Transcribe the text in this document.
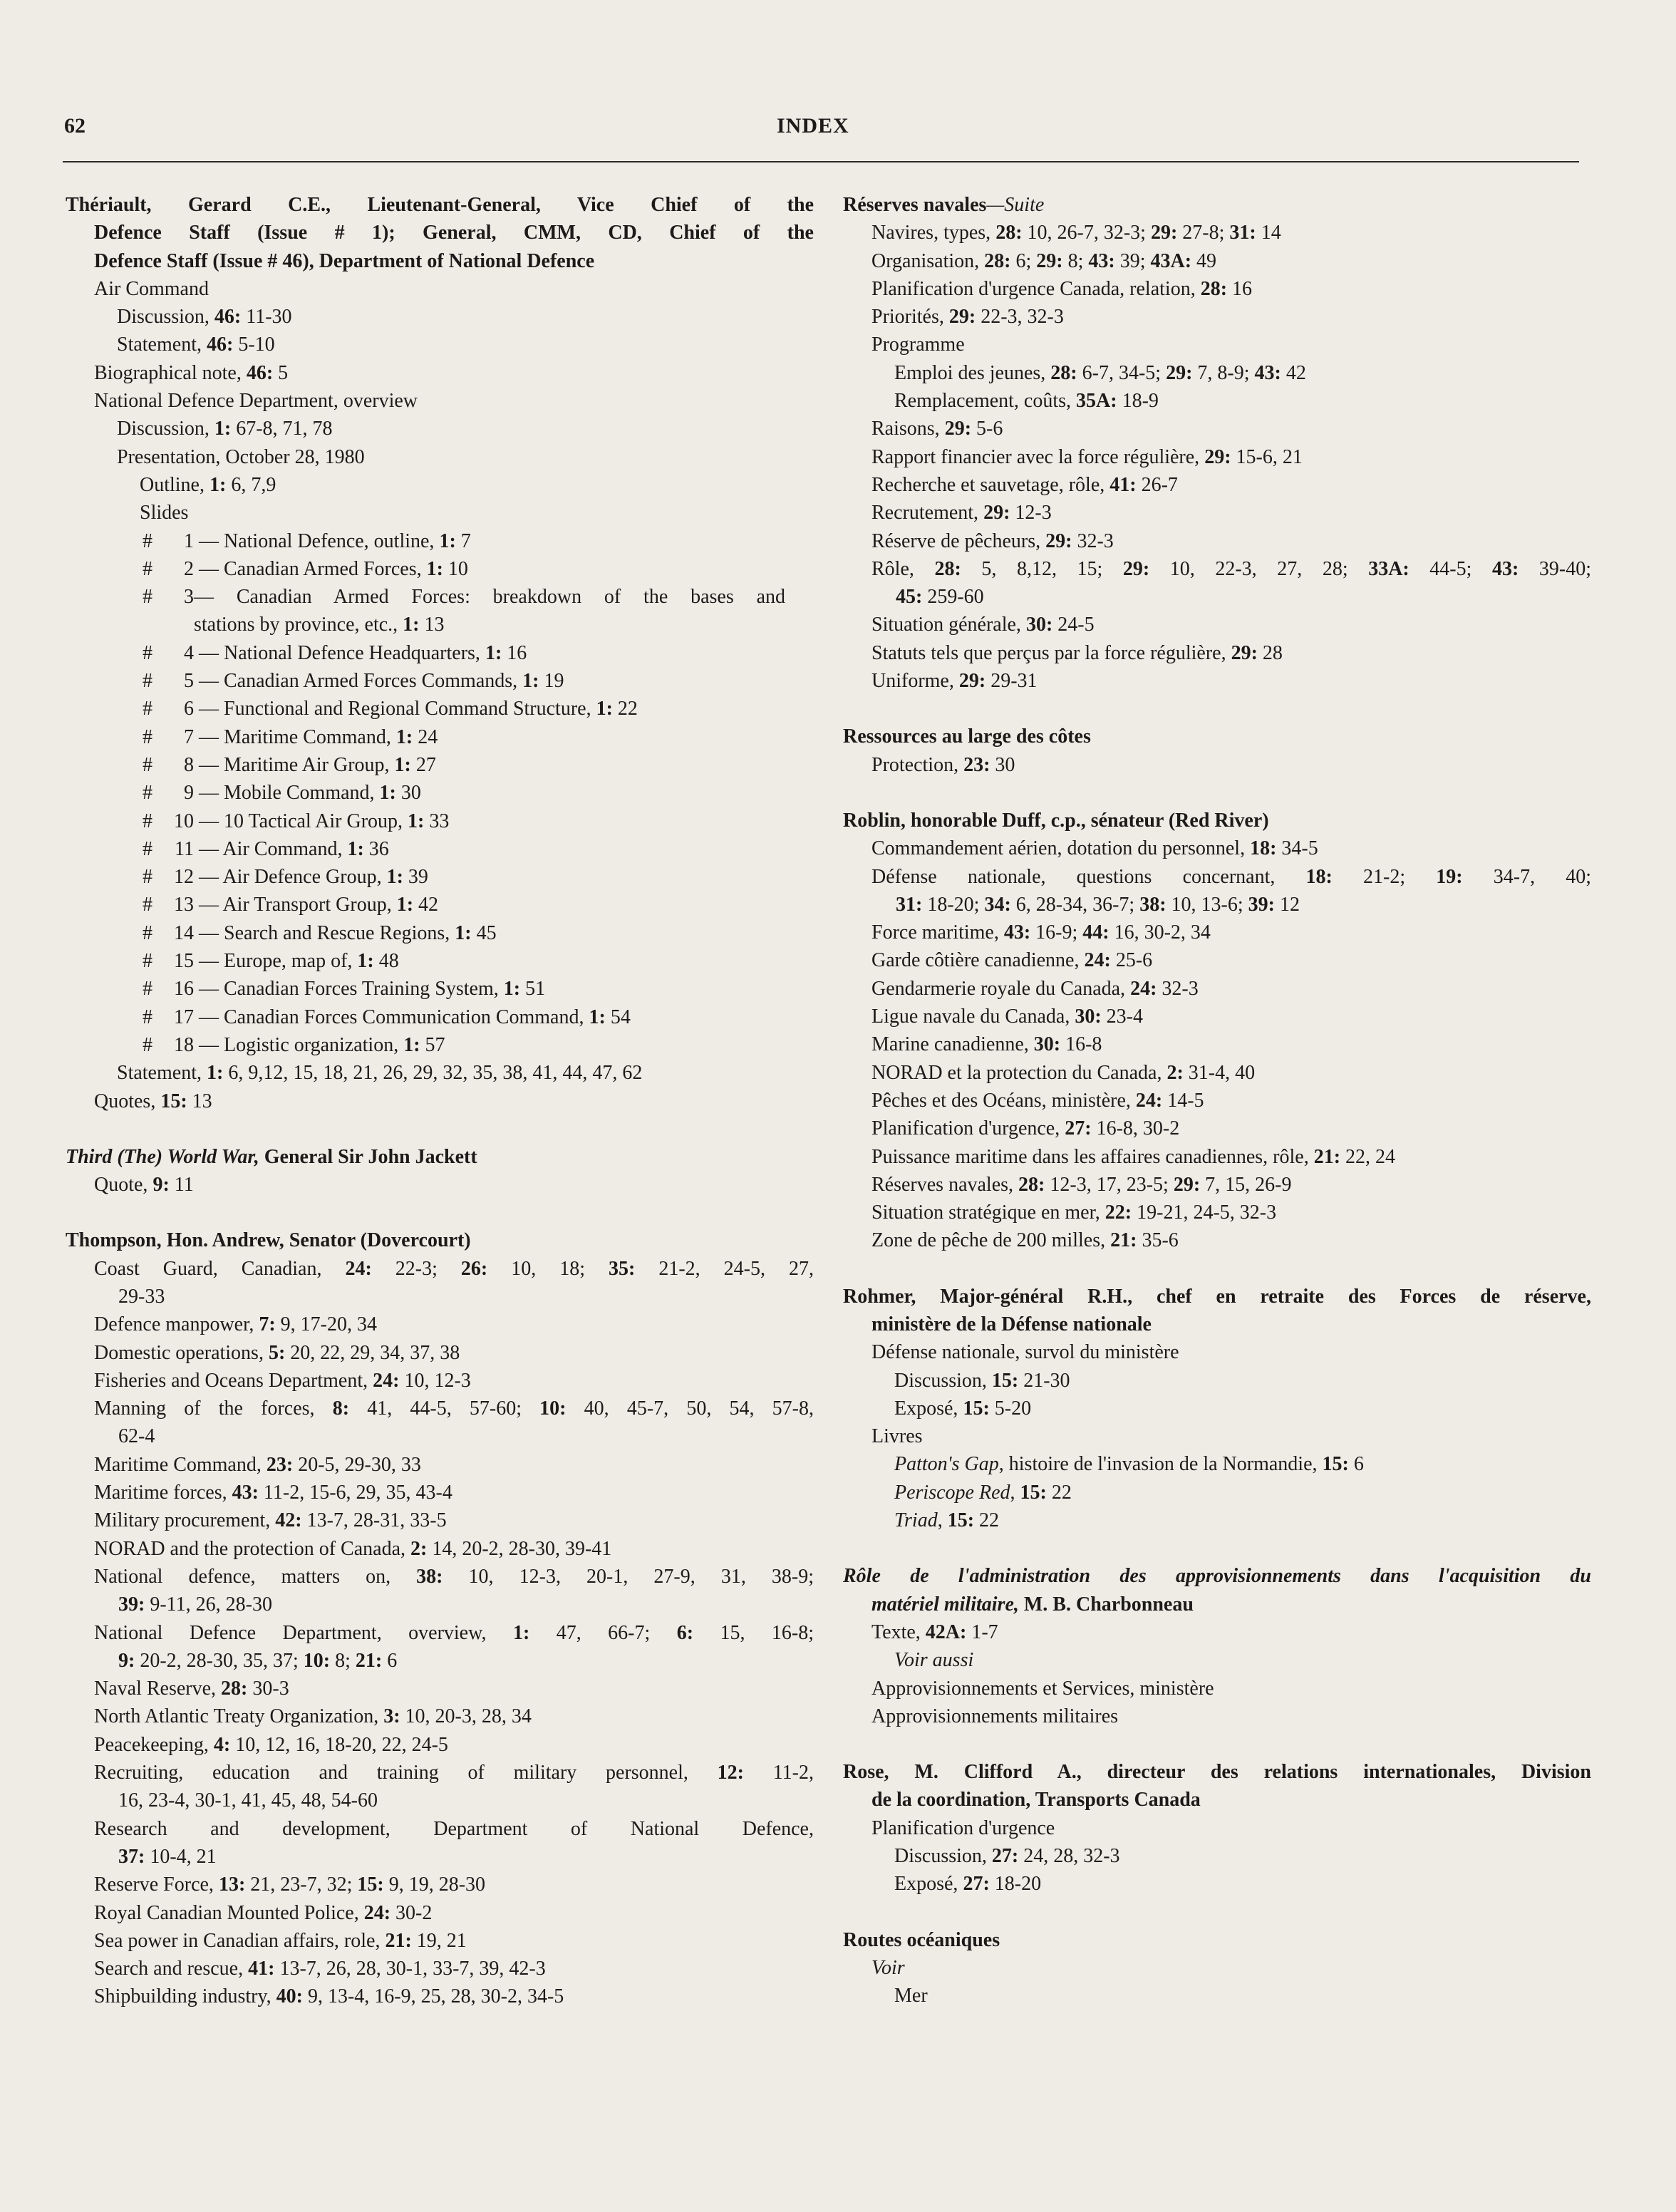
62	INDEX
Thériault, Gerard C.E., Lieutenant-General, Vice Chief of the
Defence Staff (Issue # 1); General, CMM, CD, Chief of the
Defence Staff (Issue # 46), Department of National Defence
Air Command
Discussion, 46: 11-30
Statement, 46: 5-10
Biographical note, 46: 5
National Defence Department, overview
Discussion, 1: 67-8, 71, 78
Presentation, October 28, 1980
Outline, 1: 6, 7,9
Slides
# 1 — National Defence, outline, 1: 7
# 2 — Canadian Armed Forces, 1: 10
# 3— Canadian Armed Forces: breakdown of the bases and
stations by province, etc., 1: 13
# 4 — National Defence Headquarters, 1: 16
# 5 — Canadian Armed Forces Commands, 1: 19
# 6 — Functional and Regional Command Structure, 1: 22
# 7 — Maritime Command, 1: 24
# 8 — Maritime Air Group, 1: 27
# 9 — Mobile Command, 1: 30
# 10 — 10 Tactical Air Group, 1: 33
# 11 — Air Command, 1: 36
# 12 — Air Defence Group, 1: 39
# 13 — Air Transport Group, 1: 42
# 14 — Search and Rescue Regions, 1: 45
# 15 — Europe, map of, 1: 48
# 16 — Canadian Forces Training System, 1: 51
# 17 — Canadian Forces Communication Command, 1: 54
# 18 — Logistic organization, 1: 57
Statement, 1: 6, 9,12, 15, 18, 21, 26, 29, 32, 35, 38, 41, 44, 47, 62
Quotes, 15: 13
Third (The) World War, General Sir John Jackett
Quote, 9: 11
Thompson, Hon. Andrew, Senator (Dovercourt)
Coast Guard, Canadian, 24: 22-3; 26: 10, 18; 35: 21-2, 24-5, 27,
29-33
Defence manpower, 7: 9, 17-20, 34
Domestic operations, 5: 20, 22, 29, 34, 37, 38
Fisheries and Oceans Department, 24: 10, 12-3
Manning of the forces, 8: 41, 44-5, 57-60; 10: 40, 45-7, 50, 54, 57-8,
62-4
Maritime Command, 23: 20-5, 29-30, 33
Maritime forces, 43: 11-2, 15-6, 29, 35, 43-4
Military procurement, 42: 13-7, 28-31, 33-5
NORAD and the protection of Canada, 2: 14, 20-2, 28-30, 39-41
National defence, matters on, 38: 10, 12-3, 20-1, 27-9, 31, 38-9;
39: 9-11, 26, 28-30
National Defence Department, overview, 1: 47, 66-7; 6: 15, 16-8;
9: 20-2, 28-30, 35, 37; 10: 8; 21: 6
Naval Reserve, 28: 30-3
North Atlantic Treaty Organization, 3: 10, 20-3, 28, 34
Peacekeeping, 4: 10, 12, 16, 18-20, 22, 24-5
Recruiting, education and training of military personnel, 12: 11-2,
16, 23-4, 30-1, 41, 45, 48, 54-60
Research and development, Department of National Defence,
37: 10-4, 21
Reserve Force, 13: 21, 23-7, 32; 15: 9, 19, 28-30
Royal Canadian Mounted Police, 24: 30-2
Sea power in Canadian affairs, role, 21: 19, 21
Search and rescue, 41: 13-7, 26, 28, 30-1, 33-7, 39, 42-3
Shipbuilding industry, 40: 9, 13-4, 16-9, 25, 28, 30-2, 34-5
Réserves navales—Suite
Navires, types, 28: 10, 26-7, 32-3; 29: 27-8; 31: 14
Organisation, 28: 6; 29: 8; 43: 39; 43A: 49
Planification d'urgence Canada, relation, 28: 16
Priorités, 29: 22-3, 32-3
Programme
Emploi des jeunes, 28: 6-7, 34-5; 29: 7, 8-9; 43: 42
Remplacement, coûts, 35A: 18-9
Raisons, 29: 5-6
Rapport financier avec la force régulière, 29: 15-6, 21
Recherche et sauvetage, rôle, 41: 26-7
Recrutement, 29: 12-3
Réserve de pêcheurs, 29: 32-3
Rôle, 28: 5, 8,12, 15; 29: 10, 22-3, 27, 28; 33A: 44-5; 43: 39-40;
45: 259-60
Situation générale, 30: 24-5
Statuts tels que perçus par la force régulière, 29: 28
Uniforme, 29: 29-31
Ressources au large des côtes
Protection, 23: 30
Roblin, honorable Duff, c.p., sénateur (Red River)
Commandement aérien, dotation du personnel, 18: 34-5
Défense nationale, questions concernant, 18: 21-2; 19: 34-7, 40;
31: 18-20; 34: 6, 28-34, 36-7; 38: 10, 13-6; 39: 12
Force maritime, 43: 16-9; 44: 16, 30-2, 34
Garde côtière canadienne, 24: 25-6
Gendarmerie royale du Canada, 24: 32-3
Ligue navale du Canada, 30: 23-4
Marine canadienne, 30: 16-8
NORAD et la protection du Canada, 2: 31-4, 40
Pêches et des Océans, ministère, 24: 14-5
Planification d'urgence, 27: 16-8, 30-2
Puissance maritime dans les affaires canadiennes, rôle, 21: 22, 24
Réserves navales, 28: 12-3, 17, 23-5; 29: 7, 15, 26-9
Situation stratégique en mer, 22: 19-21, 24-5, 32-3
Zone de pêche de 200 milles, 21: 35-6
Rohmer, Major-général R.H., chef en retraite des Forces de réserve,
ministère de la Défense nationale
Défense nationale, survol du ministère
Discussion, 15: 21-30
Exposé, 15: 5-20
Livres
Patton's Gap, histoire de l'invasion de la Normandie, 15: 6
Periscope Red, 15: 22
Triad, 15: 22
Rôle de l'administration des approvisionnements dans l'acquisition du
matériel militaire, M. B. Charbonneau
Texte, 42A: 1-7
Voir aussi
Approvisionnements et Services, ministère
Approvisionnements militaires
Rose, M. Clifford A., directeur des relations internationales, Division
de la coordination, Transports Canada
Planification d'urgence
Discussion, 27: 24, 28, 32-3
Exposé, 27: 18-20
Routes océaniques
Voir
Mer
